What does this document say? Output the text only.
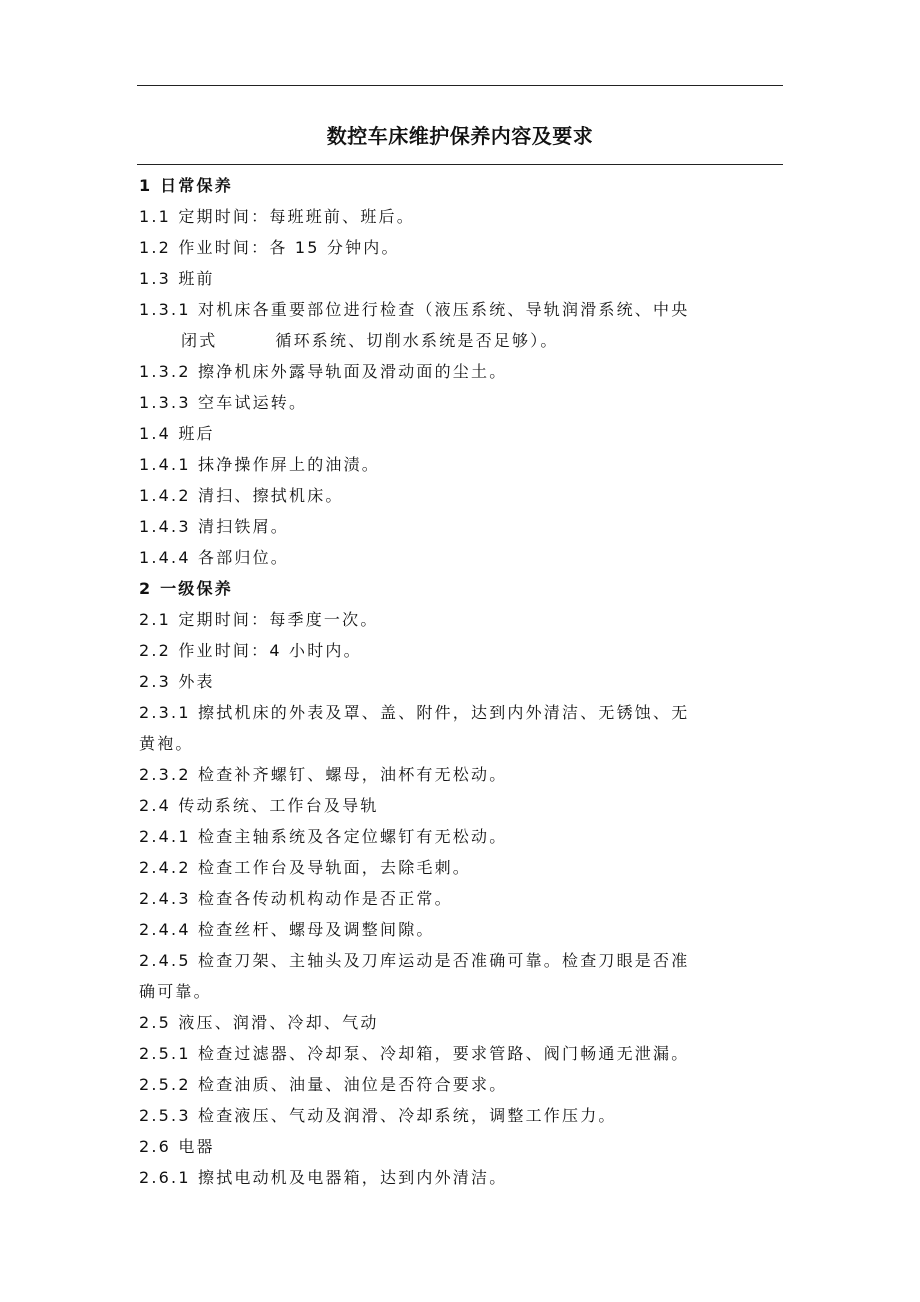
数控车床维护保养内容及要求
1 日常保养
1.1 定期时间：每班班前、班后。
1.2 作业时间：各 15 分钟内。
1.3 班前
1.3.1 对机床各重要部位进行检查（液压系统、导轨润滑系统、中央
闭式	循环系统、切削水系统是否足够）。
1.3.2 擦净机床外露导轨面及滑动面的尘土。
1.3.3 空车试运转。
1.4 班后
1.4.1 抹净操作屏上的油渍。
1.4.2 清扫、擦拭机床。
1.4.3 清扫铁屑。
1.4.4 各部归位。
2 一级保养
2.1 定期时间：每季度一次。
2.2 作业时间：4 小时内。
2.3 外表
2.3.1 擦拭机床的外表及罩、盖、附件，达到内外清洁、无锈蚀、无
黄袍。
2.3.2 检查补齐螺钉、螺母，油杯有无松动。
2.4 传动系统、工作台及导轨
2.4.1 检查主轴系统及各定位螺钉有无松动。
2.4.2 检查工作台及导轨面，去除毛刺。
2.4.3 检查各传动机构动作是否正常。
2.4.4 检查丝杆、螺母及调整间隙。
2.4.5 检查刀架、主轴头及刀库运动是否准确可靠。检查刀眼是否准
确可靠。
2.5 液压、润滑、冷却、气动
2.5.1 检查过滤器、冷却泵、冷却箱，要求管路、阀门畅通无泄漏。
2.5.2 检查油质、油量、油位是否符合要求。
2.5.3 检查液压、气动及润滑、冷却系统，调整工作压力。
2.6 电器
2.6.1 擦拭电动机及电器箱，达到内外清洁。
